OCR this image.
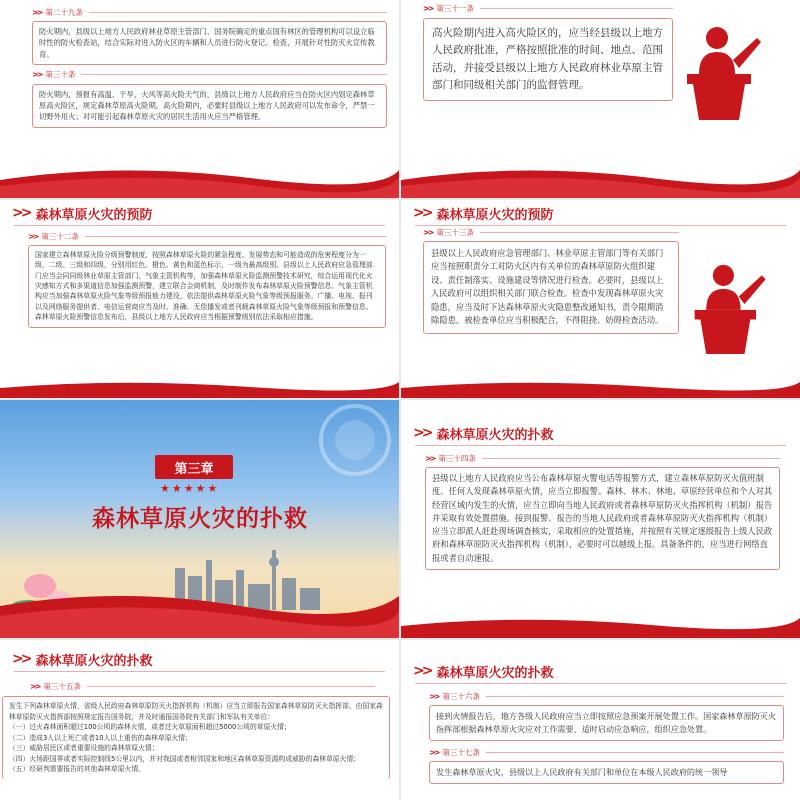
>> 第二十九条
防火期内，县级以上地方人民政府林业草原主管部门、国务院确定的重点国有林区的管理机构可以设立临时性的防火检查站，结合实际对进入防火区的车辆和人员进行防火登记、检查，开展针对性防灭火宣传教育。
>> 第三十条
防火期内，预报有高温、干旱、大风等高火险天气的，县级以上地方人民政府应当在防火区内划定森林草原高火险区，规定森林草原高火险期。高火险期内，必要时县级以上地方人民政府可以发布命令，严禁一切野外用火；对可能引起森林草原火灾的居民生活用火应当严格管理。
>> 第三十一条
高火险期内进入高火险区的，应当经县级以上地方人民政府批准，严格按照批准的时间、地点、范围活动，并接受县级以上地方人民政府林业草原主管部门和同级相关部门的监督管理。
>> 森林草原火灾的预防
>> 第三十二条
国家建立森林草原火险分级预警制度，按照森林草原火险的紧急程度、发展势态和可能造成的危害程度分为一级、二级、三级和四级，分别用红色、橙色、黄色和蓝色标示，一级为最高级别。县级以上人民政府应急管理部门应当会同同级林业草原主管部门、气象主管机构等，加强森林草原火险监测预警技术研究，综合运用现代化火灾感知方式和多渠道信息加强监测预警，建立联合会商机制，及时制作发布森林草原火险预警信息。气象主管机构应当加强森林草原火险气象等级预报能力建设，依法提供森林草原火险气象等级预报服务。广播、电视、报刊以及网络服务提供者、电信运营商应当及时、准确、无偿播发或者刊载森林草原火险气象等级预报和预警信息。森林草原火险预警信息发布后，县级以上地方人民政府应当根据预警级别依法采取相应措施。
>> 森林草原火灾的预防
>> 第三十三条
县级以上人民政府应急管理部门、林业草原主管部门等有关部门应当按照职责分工对防火区内有关单位的森林草原防火组织建设、责任制落实、设施建设等情况进行检查。必要时，县级以上人民政府可以组织相关部门联合检查。检查中发现森林草原火灾隐患，应当及时下达森林草原火灾隐患整改通知书，责令限期消除隐患。被检查单位应当积极配合，不得阻挠、妨碍检查活动。
第三章
★★★★★
森林草原火灾的扑救
>> 森林草原火灾的扑救
>> 第三十四条
县级以上地方人民政府应当公布森林草原火警电话等报警方式，建立森林草原防灭火值班制度。任何人发现森林草原火情，应当立即报警。森林、林木、林地、草原经营单位和个人对其经营区域内发生的火情，应当立即向当地人民政府或者森林草原防灭火指挥机构（机制）报告并采取有效处置措施。接到报警、报告的当地人民政府或者森林草原防灭火指挥机构（机制）应当立即派人赶赴现场调查核实，采取相应的处置措施，并按照有关规定逐级报告上级人民政府和森林草原防灭火指挥机构（机制），必要时可以越级上报。具备条件的，应当进行网络直报或者自动速报。
>> 森林草原火灾的扑救
>> 第三十五条
发生下列森林草原火情，省级人民政府森林草原防灭火指挥机构（机制）应当立即报告国家森林草原防灭火指挥部，由国家森林草原防灭火指挥部按照规定报告国务院，并及时通报国务院有关部门和军队有关单位：
（一）过火森林面积超过100公顷的森林火情，或者过火草原面积超过5000公顷的草原火情；
（二）造成3人以上死亡或者10人以上重伤的森林草原火情；
（三）威胁居民区或者重要设施的森林草原火情；
（四）火场距国界或者实际控制线5公里以内，并对我国或者相邻国家和地区森林草原资源构成威胁的森林草原火情；
（五）经研判需要报告的其他森林草原火情。
>> 森林草原火灾的扑救
>> 第三十六条
接到火情报告后，地方各级人民政府应当立即按照应急预案开展处置工作。国家森林草原防灭火指挥部根据森林草原火灾应对工作需要，适时启动应急响应，组织应急处置。
>> 第三十七条
发生森林草原火灾，县级以上人民政府有关部门和单位在本级人民政府的统一领导
